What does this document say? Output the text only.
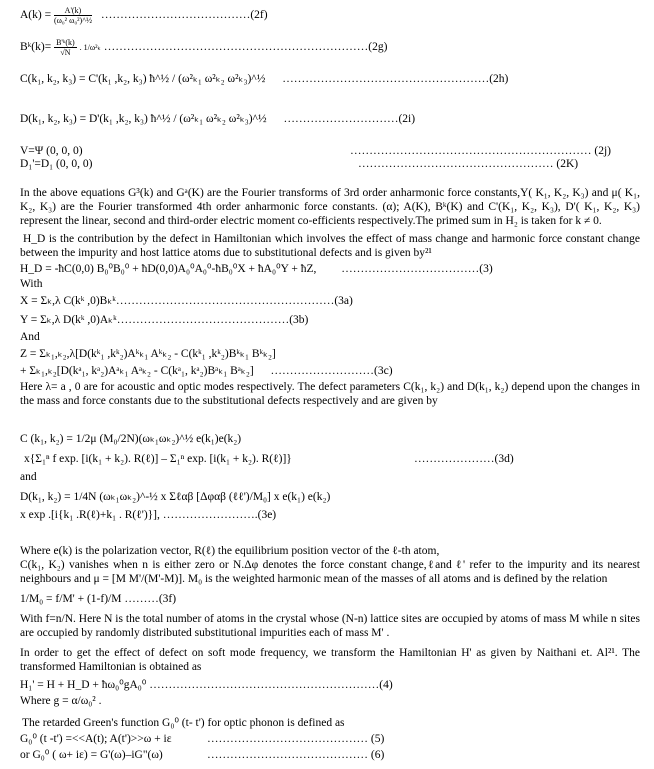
$A(k) = \frac{A'(k)}{\text{(ω₀² ω₀²)\textasciicircum{}½}}$ …………………………………(2f)
Bᵏ(k)= $\frac{\text{B'ᵏ(k)}}{√N}$ . 1/ω²ₖ ……………………………………………………………(2g)
C(k₁, k₂, k₃) = C'(k₁ ,k₂, k₃) ħ^½ / (ω²ₖ₁ ω²ₖ₂ ω²ₖ₃)^½ ………………………………………………(2h)
D(k₁, k₂, k₃) = D'(k₁ ,k₂, k₃) ħ^½ / (ω²ₖ₁ ω²ₖ₂ ω²ₖ₃)^½ …………………………(2i)
V=Ψ (0, 0, 0)	……………………………………………………… (2j)
D₁'=D₁ (0, 0, 0)	…………………………………………… (2K)
In the above equations G³(k) and Gᵃ(K) are the Fourier transforms of 3rd order anharmonic force constants,Y( K₁, K₂, K₃) and μ( K₁, K₂, K₃) are the Fourier transformed 4th order anharmonic force constants. (α); A(K), Bᵏ(K) and C'(K₁, K₂, K₃), D'( K₁, K₂, K₃) represent the linear, second and third-order electric moment co-efficients respectively.The primed sum in H₂ is taken for k ≠ 0.
H_D is the contribution by the defect in Hamiltonian which involves the effect of mass change and harmonic force constant change between the impurity and host lattice atoms due to substitutional defects and is given by²¹
H_D = -ħC(0,0) B₀⁰B₀⁰ + ħD(0,0)A₀⁰A₀⁰-ħB₀⁰X + ħA₀⁰Y + ħZ, ………………………………(3)
With
X = Σₖ,λ C(kᵏ ,0)Bₖᵏ…………………………………………………(3a)
Y = Σₖ,λ D(kᵏ ,0)Aₖᵏ………………………………………(3b)
And
Z = Σₖ₁,ₖ₂,λ[D(kᵏ₁ ,kᵏ₂)Aᵏₖ₁ Aᵏₖ₂ - C(kᵏ₁ ,kᵏ₂)Bᵏₖ₁ Bᵏₖ₂]
+ Σₖ₁,ₖ₂[D(kᵃ₁, kᵃ₂)Aᵃₖ₁ Aᵃₖ₂ - C(kᵃ₁, kᵃ₂)Bᵃₖ₁ Bᵃₖ₂] ………………………(3c)
Here λ= a , 0 are for acoustic and optic modes respectively. The defect parameters C(k₁, k₂) and D(k₁, k₂) depend upon the changes in the mass and force constants due to the substitutional defects respectively and are given by
C (k₁, k₂) = 1/2μ (M₀/2N)(ωₖ₁ωₖ₂)^½ e(k₁)e(k₂)
x{Σ₁ⁿ f exp. [i(k₁ + k₂). R(ℓ)] – Σ₁ⁿ exp. [i(k₁ + k₂). R(ℓ)]}	…………………(3d)
and
D(k₁, k₂) = 1/4N (ωₖ₁ωₖ₂)^-½ x Σℓαβ [Δφαβ (ℓℓ')/M₀] x e(k₁) e(k₂)
x exp .[i{k₁ .R(ℓ)+k₁ . R(ℓ')}], …………………….(3e)
Where e(k) is the polarization vector, R(ℓ) the equilibrium position vector of the ℓ-th atom,
C(k₁, K₂) vanishes when n is either zero or N.Δφ denotes the force constant change,ℓand ℓ' refer to the impurity and its nearest neighbours and μ = [M M'/(M'-M)]. M₀ is the weighted harmonic mean of the masses of all atoms and is defined by the relation
1/M₀ = f/M' + (1-f)/M ………(3f)
With f=n/N. Here N is the total number of atoms in the crystal whose (N-n) lattice sites are occupied by atoms of mass M while n sites are occupied by randomly distributed substitutional impurities each of mass M' .
In order to get the effect of defect on soft mode frequency, we transform the Hamiltonian H' as given by Naithani et. Al²¹. The transformed Hamiltonian is obtained as
H₁' = H + H_D + ħω₀⁰gA₀⁰ ……………………………………………………(4)
Where g = α/ω₀² .
The retarded Green's function G₀⁰ (t- t') for optic phonon is defined as
G₀⁰ (t -t') =<<A(t); A(t')>>ω + iε	…………………………………… (5)
or G₀⁰ ( ω+ iε) = G'(ω)–iG"(ω)	…………………………………… (6)
